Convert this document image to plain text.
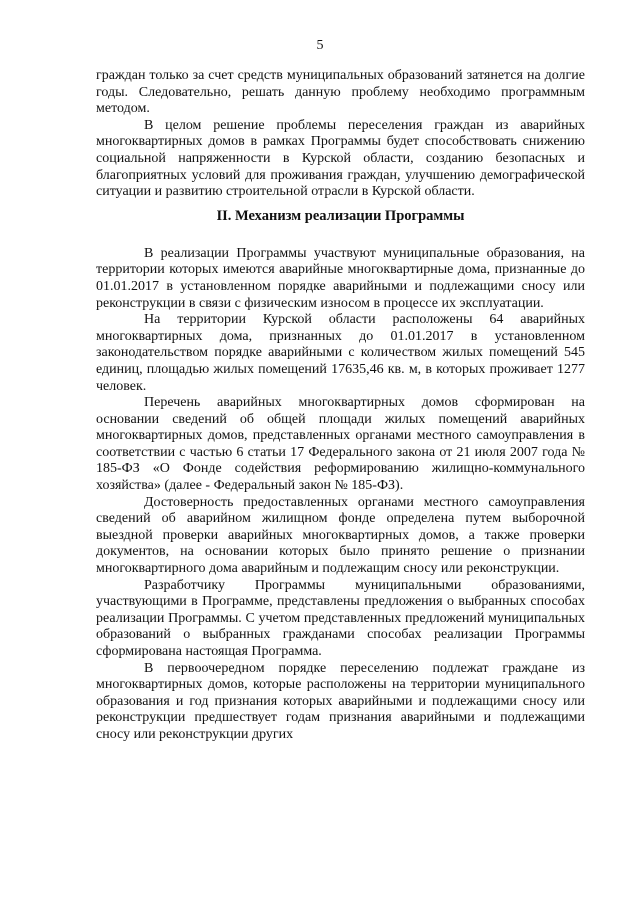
5

граждан только за счет средств муниципальных образований затянется на долгие годы. Следовательно, решать данную проблему необходимо программным методом.

В целом решение проблемы переселения граждан из аварийных многоквартирных домов в рамках Программы будет способствовать снижению социальной напряженности в Курской области, созданию безопасных и благоприятных условий для проживания граждан, улучшению демографической ситуации и развитию строительной отрасли в Курской области.

II. Механизм реализации Программы

В реализации Программы участвуют муниципальные образования, на территории которых имеются аварийные многоквартирные дома, признанные до 01.01.2017 в установленном порядке аварийными и подлежащими сносу или реконструкции в связи с физическим износом в процессе их эксплуатации.

На территории Курской области расположены 64 аварийных многоквартирных дома, признанных до 01.01.2017 в установленном законодательством порядке аварийными с количеством жилых помещений 545 единиц, площадью жилых помещений 17635,46 кв. м, в которых проживает 1277 человек.

Перечень аварийных многоквартирных домов сформирован на основании сведений об общей площади жилых помещений аварийных многоквартирных домов, представленных органами местного самоуправления в соответствии с частью 6 статьи 17 Федерального закона от 21 июля 2007 года № 185-ФЗ «О Фонде содействия реформированию жилищно-коммунального хозяйства» (далее - Федеральный закон № 185-ФЗ).

Достоверность предоставленных органами местного самоуправления сведений об аварийном жилищном фонде определена путем выборочной выездной проверки аварийных многоквартирных домов, а также проверки документов, на основании которых было принято решение о признании многоквартирного дома аварийным и подлежащим сносу или реконструкции.

Разработчику Программы муниципальными образованиями, участвующими в Программе, представлены предложения о выбранных способах реализации Программы. С учетом представленных предложений муниципальных образований о выбранных гражданами способах реализации Программы сформирована настоящая Программа.

В первоочередном порядке переселению подлежат граждане из многоквартирных домов, которые расположены на территории муниципального образования и год признания которых аварийными и подлежащими сносу или реконструкции предшествует годам признания аварийными и подлежащими сносу или реконструкции других
